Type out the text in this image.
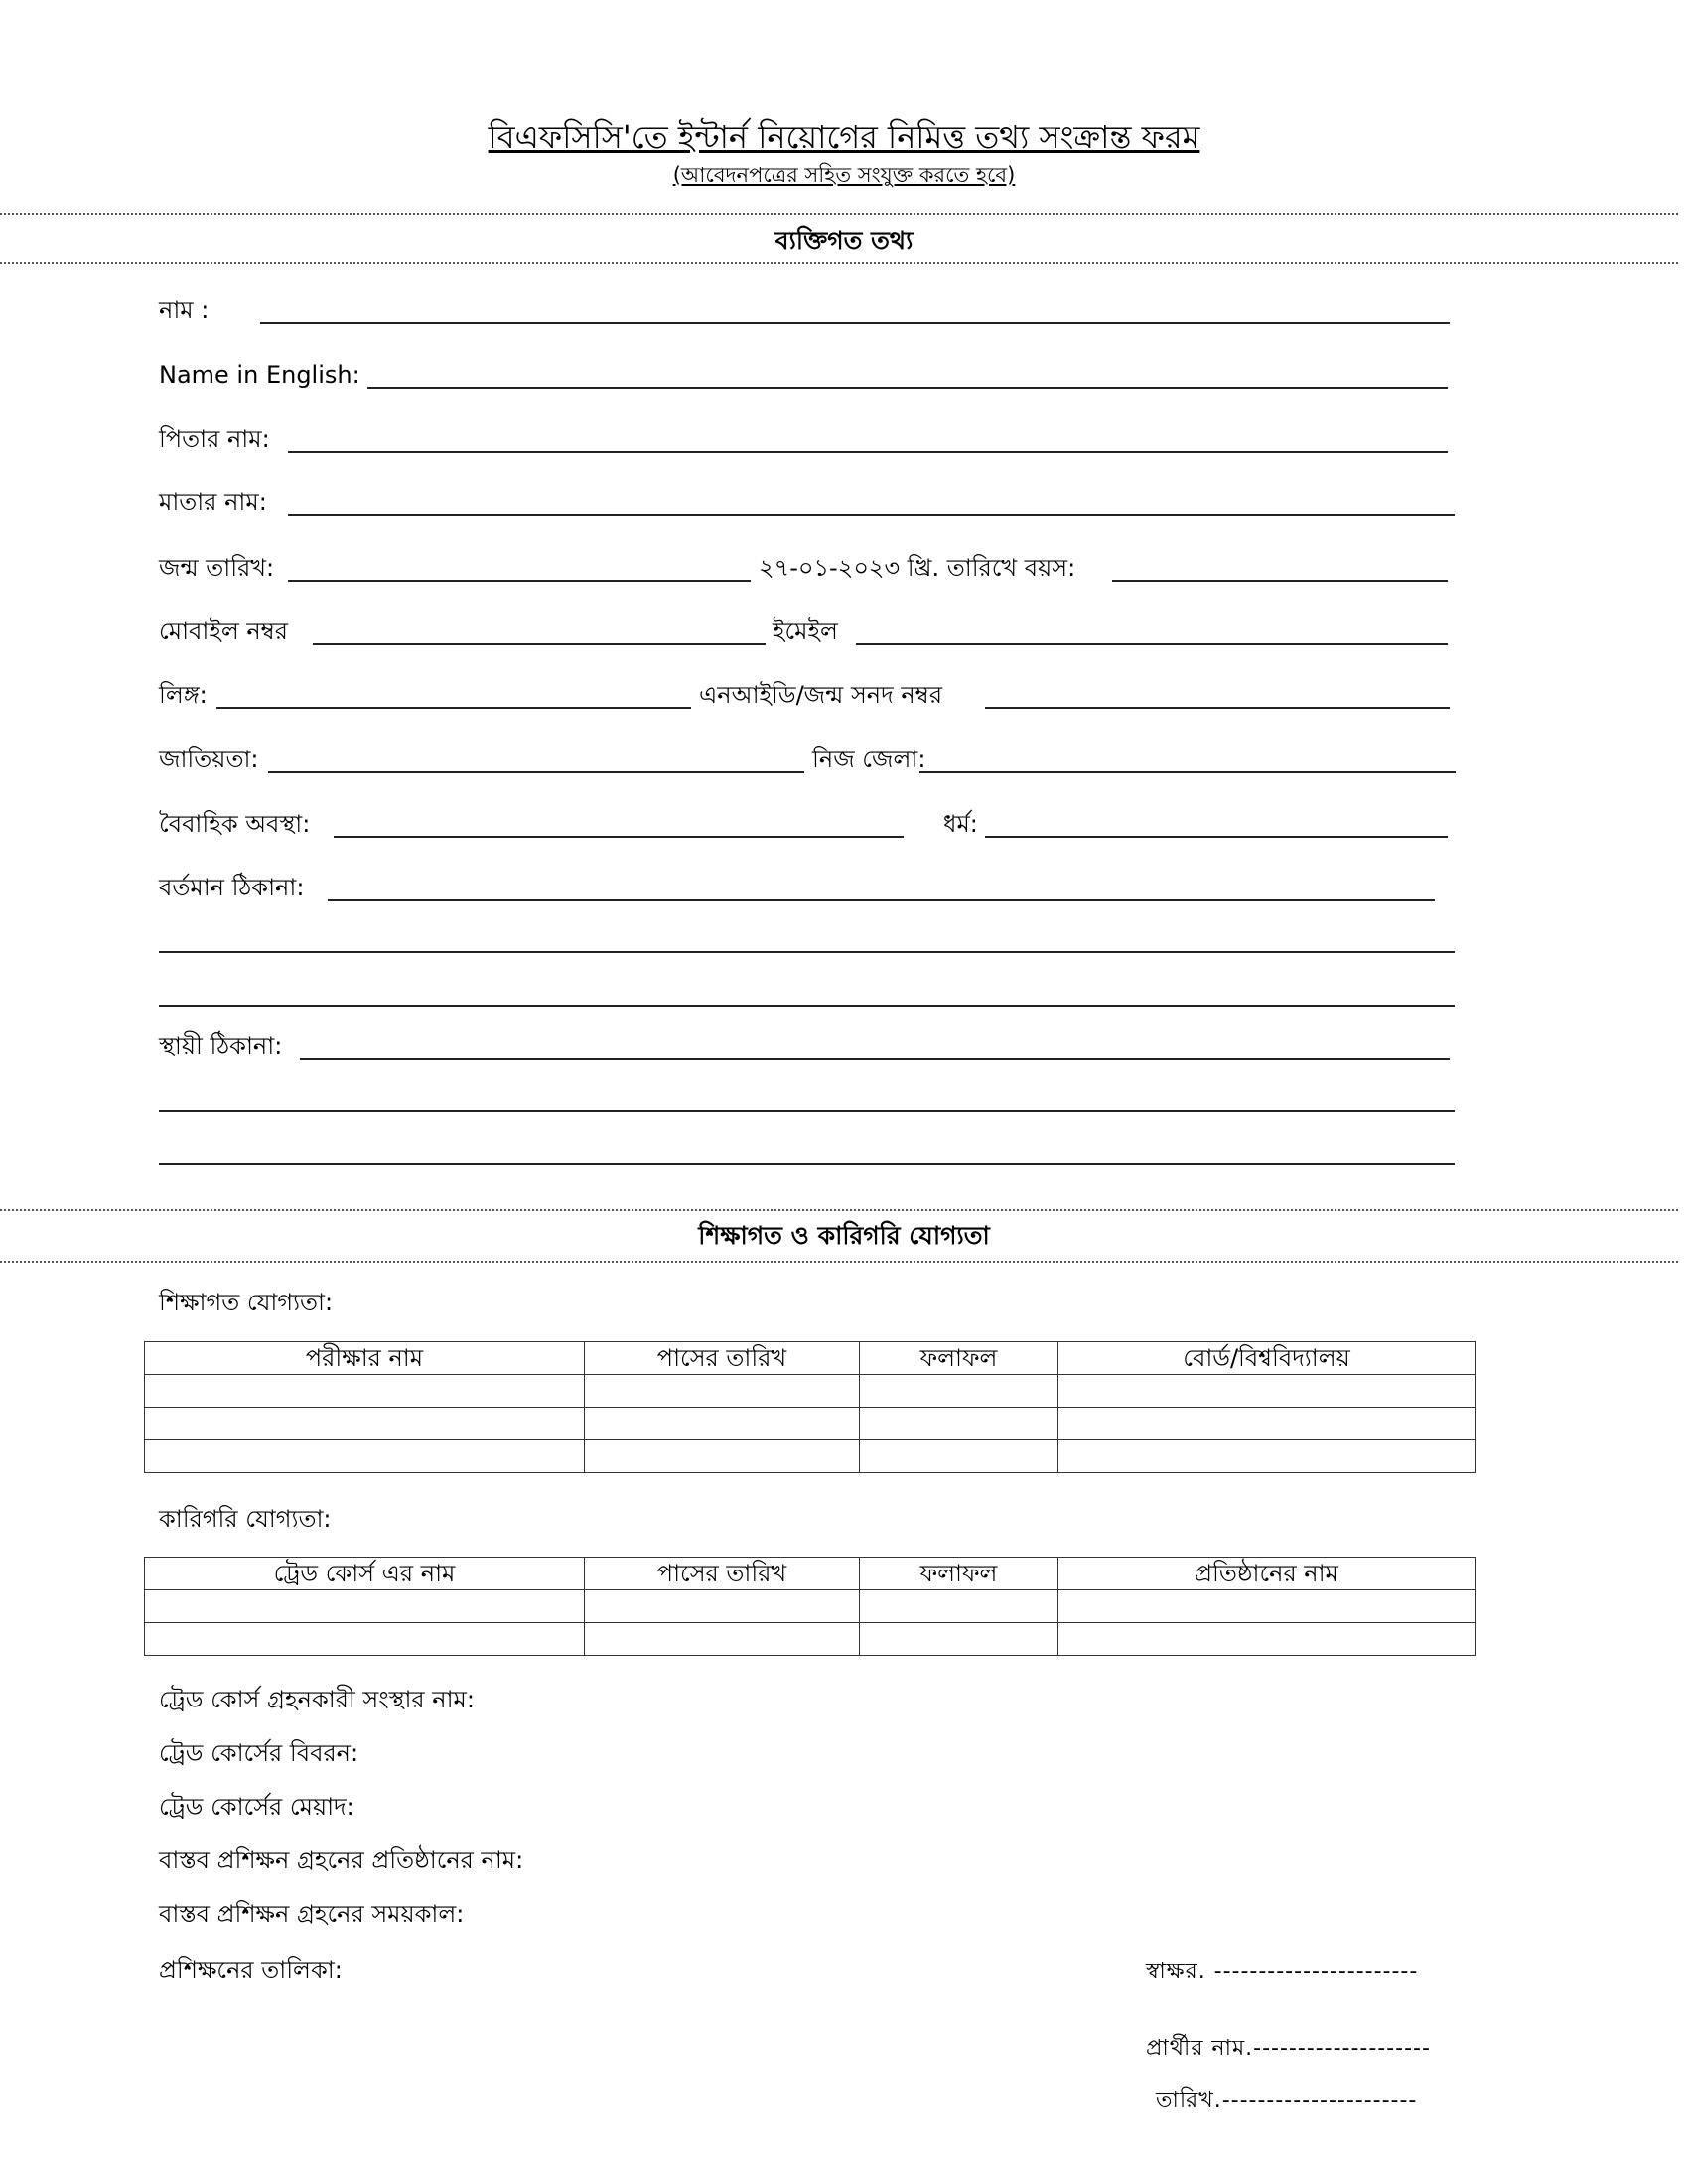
বিএফসিসি'তে ইন্টার্ন নিয়োগের নিমিত্ত তথ্য সংক্রান্ত ফরম
(আবেদনপত্রের সহিত সংযুক্ত করতে হবে)
ব্যক্তিগত তথ্য
নাম :
Name in English:
পিতার নাম:
মাতার নাম:
জন্ম তারিখ:	২৭-০১-২০২৩ খ্রি. তারিখে বয়স:
মোবাইল নম্বর	ইমেইল
লিঙ্গ:	এনআইডি/জন্ম সনদ নম্বর
জাতিয়তা:	নিজ জেলা:
বৈবাহিক অবস্থা:	ধর্ম:
বর্তমান ঠিকানা:
স্থায়ী ঠিকানা:
শিক্ষাগত ও কারিগরি যোগ্যতা
শিক্ষাগত যোগ্যতা:
পরীক্ষার নাম	পাসের তারিখ	ফলাফল	বোর্ড/বিশ্ববিদ্যালয়

কারিগরি যোগ্যতা:
ট্রেড কোর্স এর নাম	পাসের তারিখ	ফলাফল	প্রতিষ্ঠানের নাম

ট্রেড কোর্স গ্রহনকারী সংস্থার নাম:
ট্রেড কোর্সের বিবরন:
ট্রেড কোর্সের মেয়াদ:
বাস্তব প্রশিক্ষন গ্রহনের প্রতিষ্ঠানের নাম:
বাস্তব প্রশিক্ষন গ্রহনের সময়কাল:
প্রশিক্ষনের তালিকা:	স্বাক্ষর. -----------------------
প্রার্থীর নাম.--------------------
তারিখ.----------------------
